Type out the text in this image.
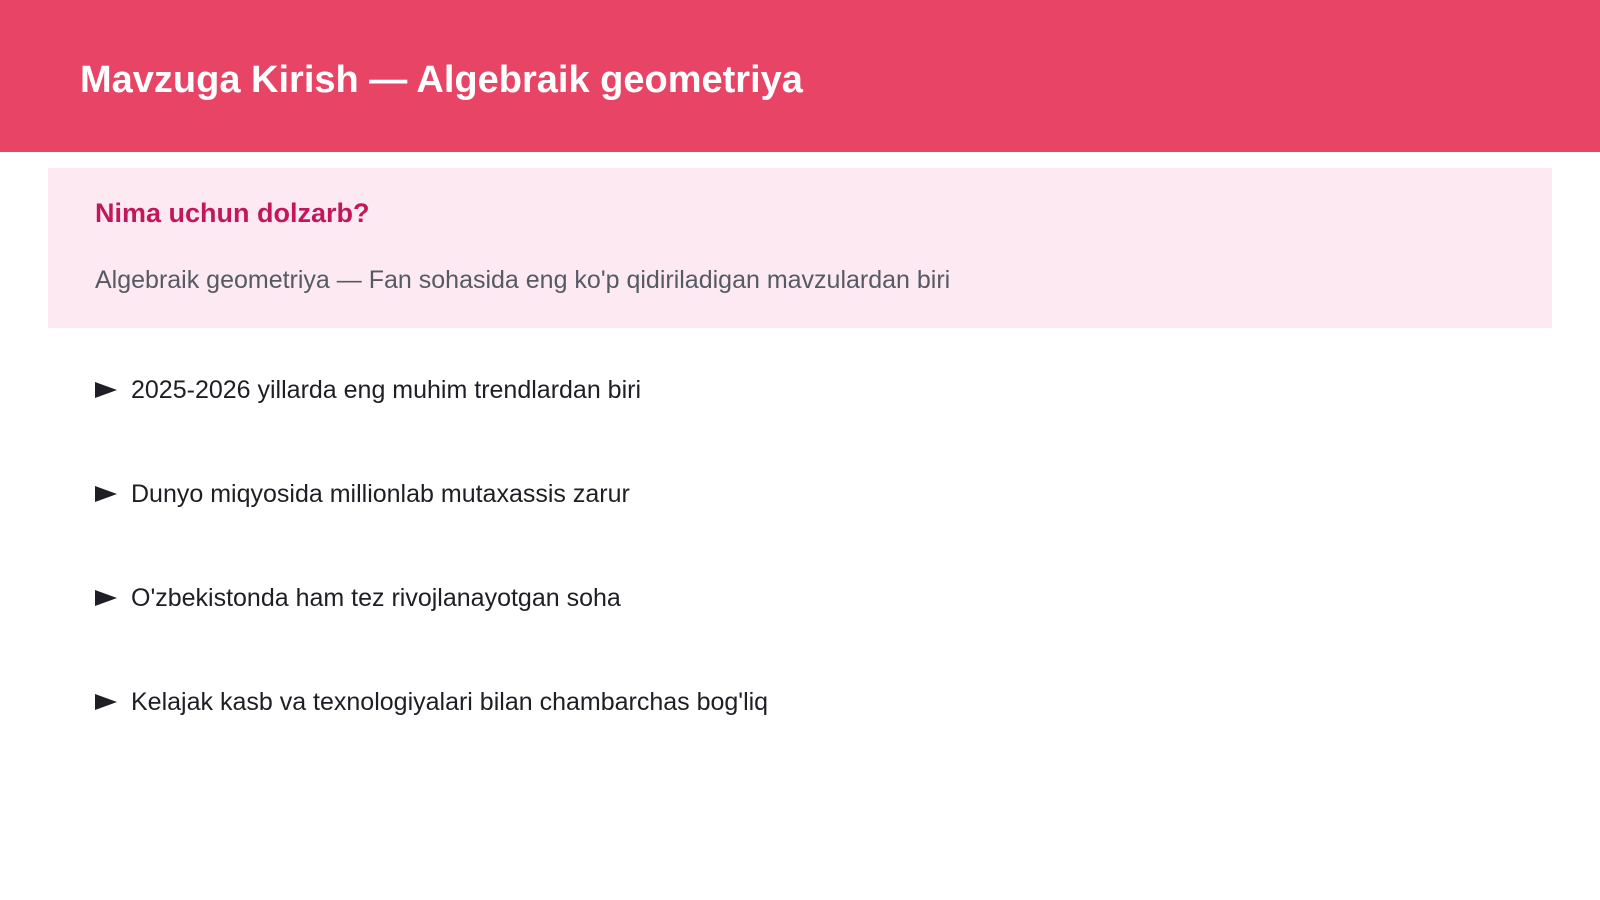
Mavzuga Kirish — Algebraik geometriya
Nima uchun dolzarb?

Algebraik geometriya — Fan sohasida eng ko'p qidiriladigan mavzulardan biri

2025-2026 yillarda eng muhim trendlardan biri
Dunyo miqyosida millionlab mutaxassis zarur
O'zbekistonda ham tez rivojlanayotgan soha
Kelajak kasb va texnologiyalari bilan chambarchas bog'liq
